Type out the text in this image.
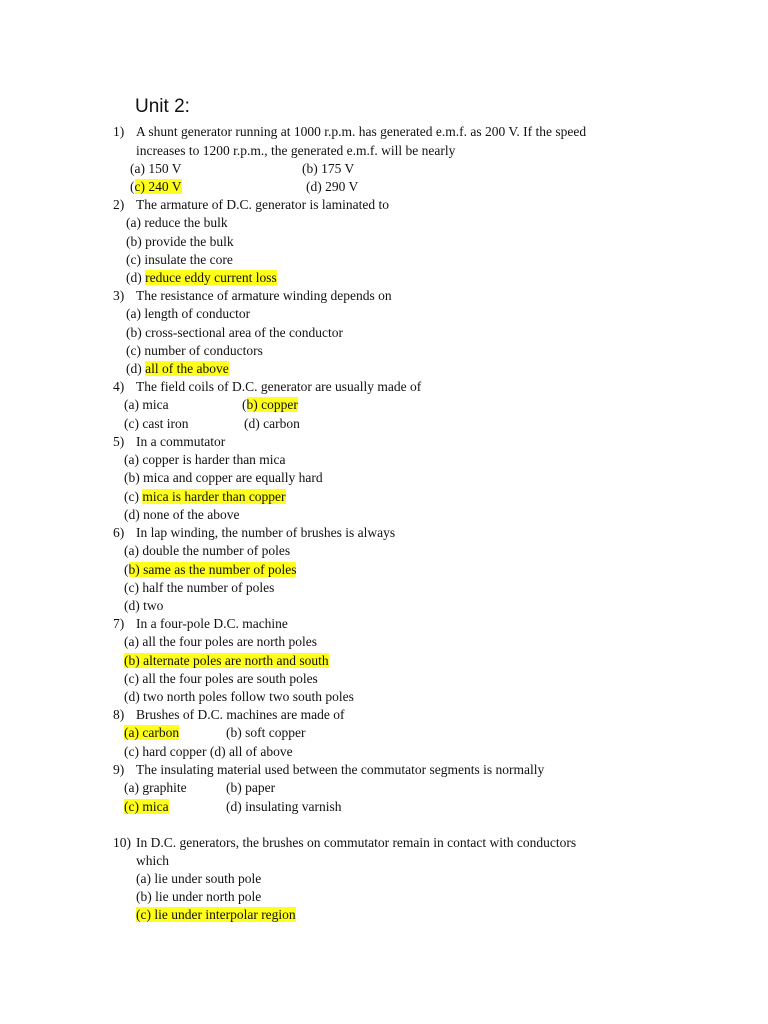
Unit 2:
1) A shunt generator running at 1000 r.p.m. has generated e.m.f. as 200 V. If the speed
increases to 1200 r.p.m., the generated e.m.f. will be nearly
(a) 150 V	(b) 175 V
(c) 240 V	(d) 290 V
2) The armature of D.C. generator is laminated to
(a) reduce the bulk
(b) provide the bulk
(c) insulate the core
(d) reduce eddy current loss
3) The resistance of armature winding depends on
(a) length of conductor
(b) cross-sectional area of the conductor
(c) number of conductors
(d) all of the above
4) The field coils of D.C. generator are usually made of
(a) mica	(b) copper
(c) cast iron	(d) carbon
5) In a commutator
(a) copper is harder than mica
(b) mica and copper are equally hard
(c) mica is harder than copper
(d) none of the above
6) In lap winding, the number of brushes is always
(a) double the number of poles
(b) same as the number of poles
(c) half the number of poles
(d) two
7) In a four-pole D.C. machine
(a) all the four poles are north poles
(b) alternate poles are north and south
(c) all the four poles are south poles
(d) two north poles follow two south poles
8) Brushes of D.C. machines are made of
(a) carbon	(b) soft copper
(c) hard copper (d) all of above
9) The insulating material used between the commutator segments is normally
(a) graphite	(b) paper
(c) mica	(d) insulating varnish
10) In D.C. generators, the brushes on commutator remain in contact with conductors
which
(a) lie under south pole
(b) lie under north pole
(c) lie under interpolar region
